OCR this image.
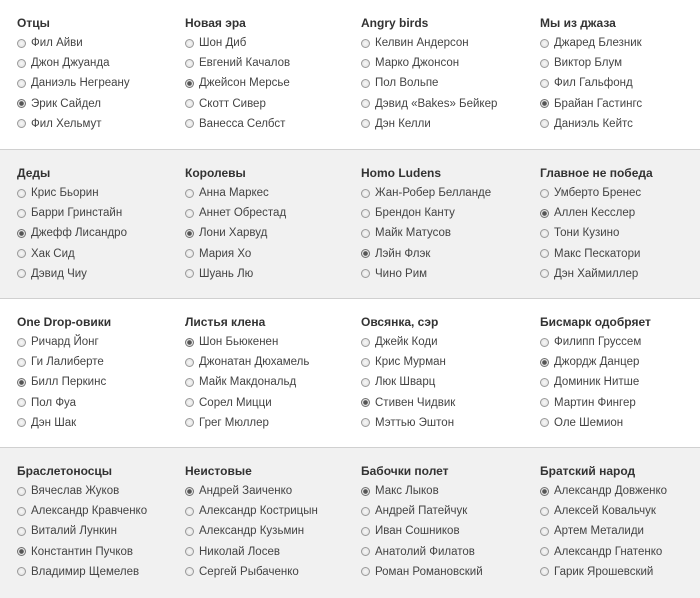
Отцы
Фил Айви
Джон Джуанда
Даниэль Негреану
Эрик Сайдел
Фил Хельмут
Новая эра
Шон Диб
Евгений Качалов
Джейсон Мерсье
Скотт Сивер
Ванесса Селбст
Angry birds
Келвин Андерсон
Марко Джонсон
Пол Вольпе
Дэвид «Bakes» Бейкер
Дэн Келли
Мы из джаза
Джаред Блезник
Виктор Блум
Фил Гальфонд
Брайан Гастингс
Даниэль Кейтс
Деды
Крис Бьорин
Барри Гринстайн
Джефф Лисандро
Хак Сид
Дэвид Чиу
Королевы
Анна Маркес
Аннет Обрестад
Лони Харвуд
Мария Хо
Шуань Лю
Homo Ludens
Жан-Робер Белланде
Брендон Канту
Майк Матусов
Лэйн Флэк
Чино Рим
Главное не победа
Умберто Бренес
Аллен Кесслер
Тони Кузино
Макс Пескатори
Дэн Хаймиллер
One Drop-овики
Ричард Йонг
Ги Лалиберте
Билл Перкинс
Пол Фуа
Дэн Шак
Листья клена
Шон Бьюкенен
Джонатан Дюхамель
Майк Макдональд
Сорел Мицци
Грег Мюллер
Овсянка, сэр
Джейк Коди
Крис Мурман
Люк Шварц
Стивен Чидвик
Мэттью Эштон
Бисмарк одобряет
Филипп Груссем
Джордж Данцер
Доминик Нитше
Мартин Фингер
Оле Шемион
Браслетоносцы
Вячеслав Жуков
Александр Кравченко
Виталий Лункин
Константин Пучков
Владимир Щемелев
Неистовые
Андрей Заиченко
Александр Кострицын
Александр Кузьмин
Николай Лосев
Сергей Рыбаченко
Бабочки полет
Макс Лыков
Андрей Патейчук
Иван Сошников
Анатолий Филатов
Роман Романовский
Братский народ
Александр Довженко
Алексей Ковальчук
Артем Металиди
Александр Гнатенко
Гарик Ярошевский
